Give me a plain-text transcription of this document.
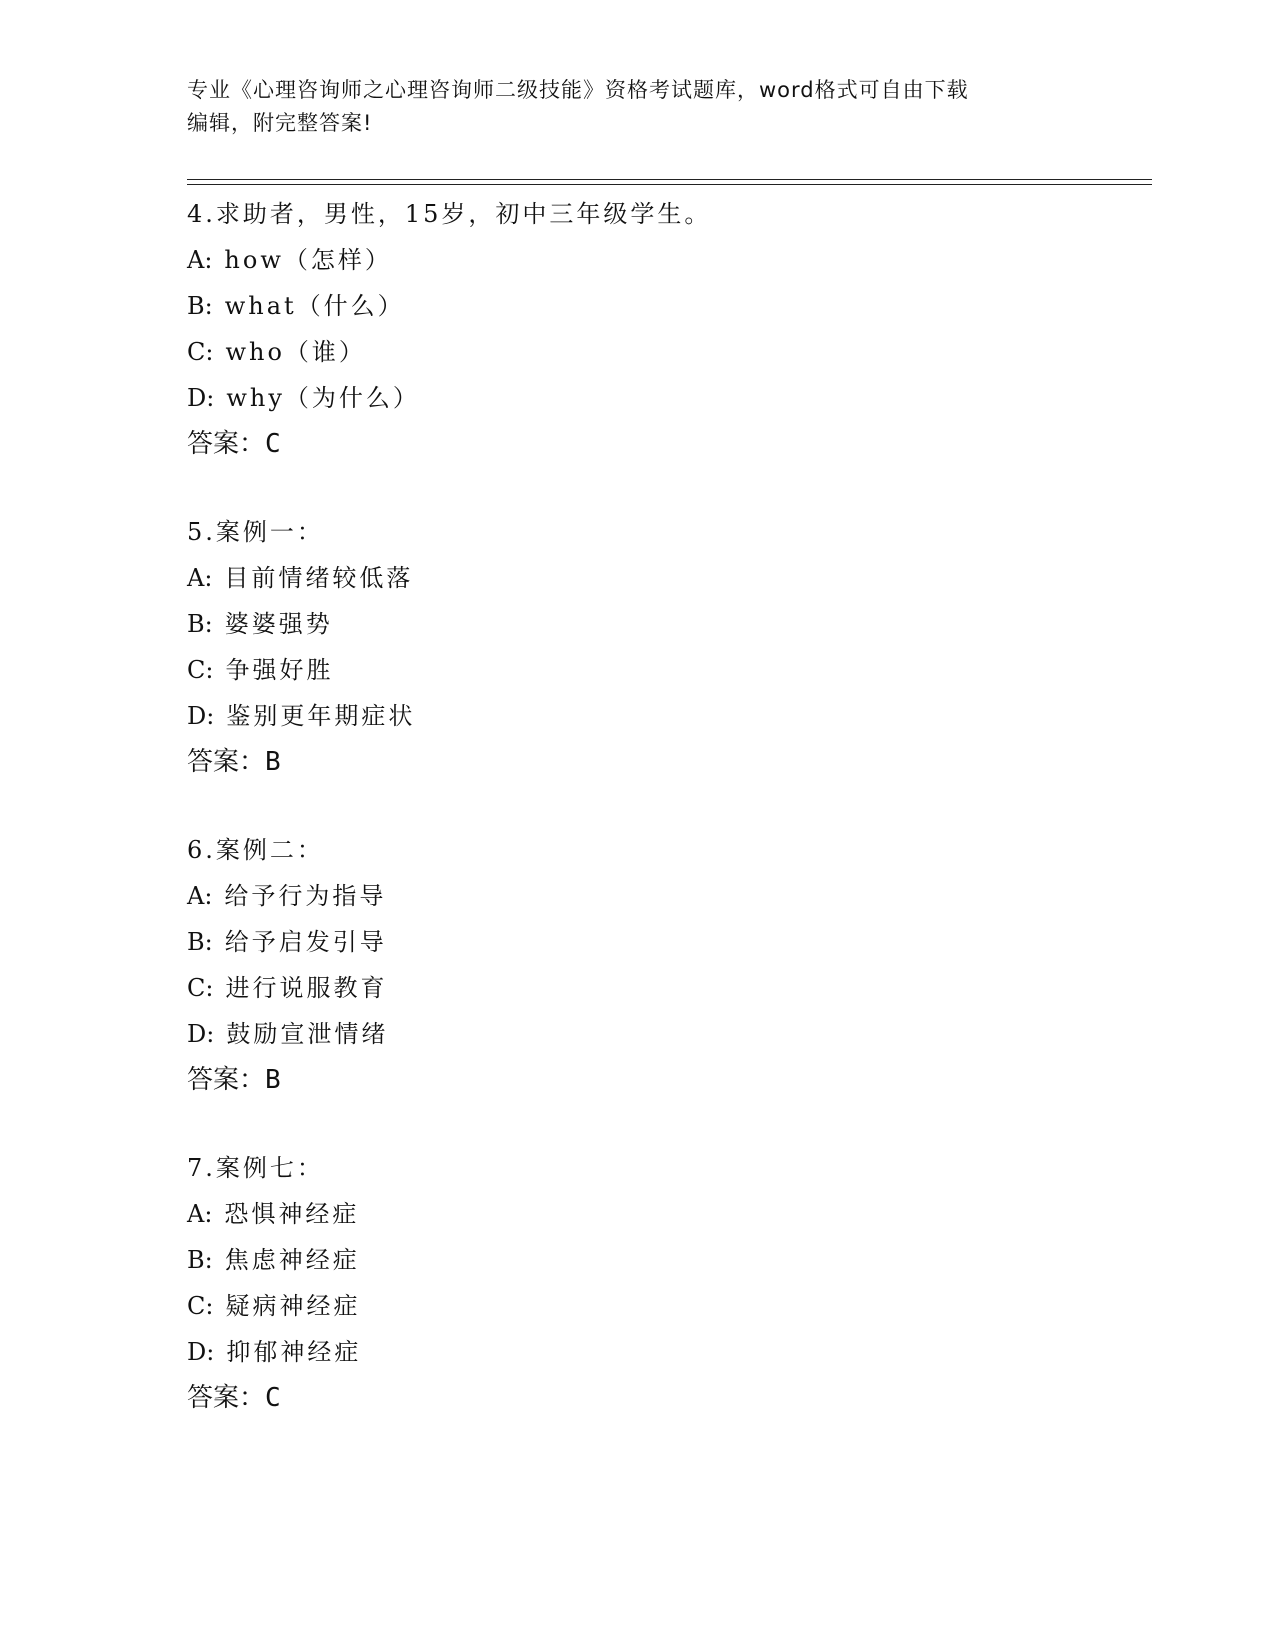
专业《心理咨询师之心理咨询师二级技能》资格考试题库，word格式可自由下载
编辑，附完整答案!
4.求助者，男性，15岁，初中三年级学生。
A: how（怎样）
B: what（什么）
C: who（谁）
D: why（为什么）
答案：C
5.案例一：
A: 目前情绪较低落
B: 婆婆强势
C: 争强好胜
D: 鉴别更年期症状
答案：B
6.案例二：
A: 给予行为指导
B: 给予启发引导
C: 进行说服教育
D: 鼓励宣泄情绪
答案：B
7.案例七：
A: 恐惧神经症
B: 焦虑神经症
C: 疑病神经症
D: 抑郁神经症
答案：C
